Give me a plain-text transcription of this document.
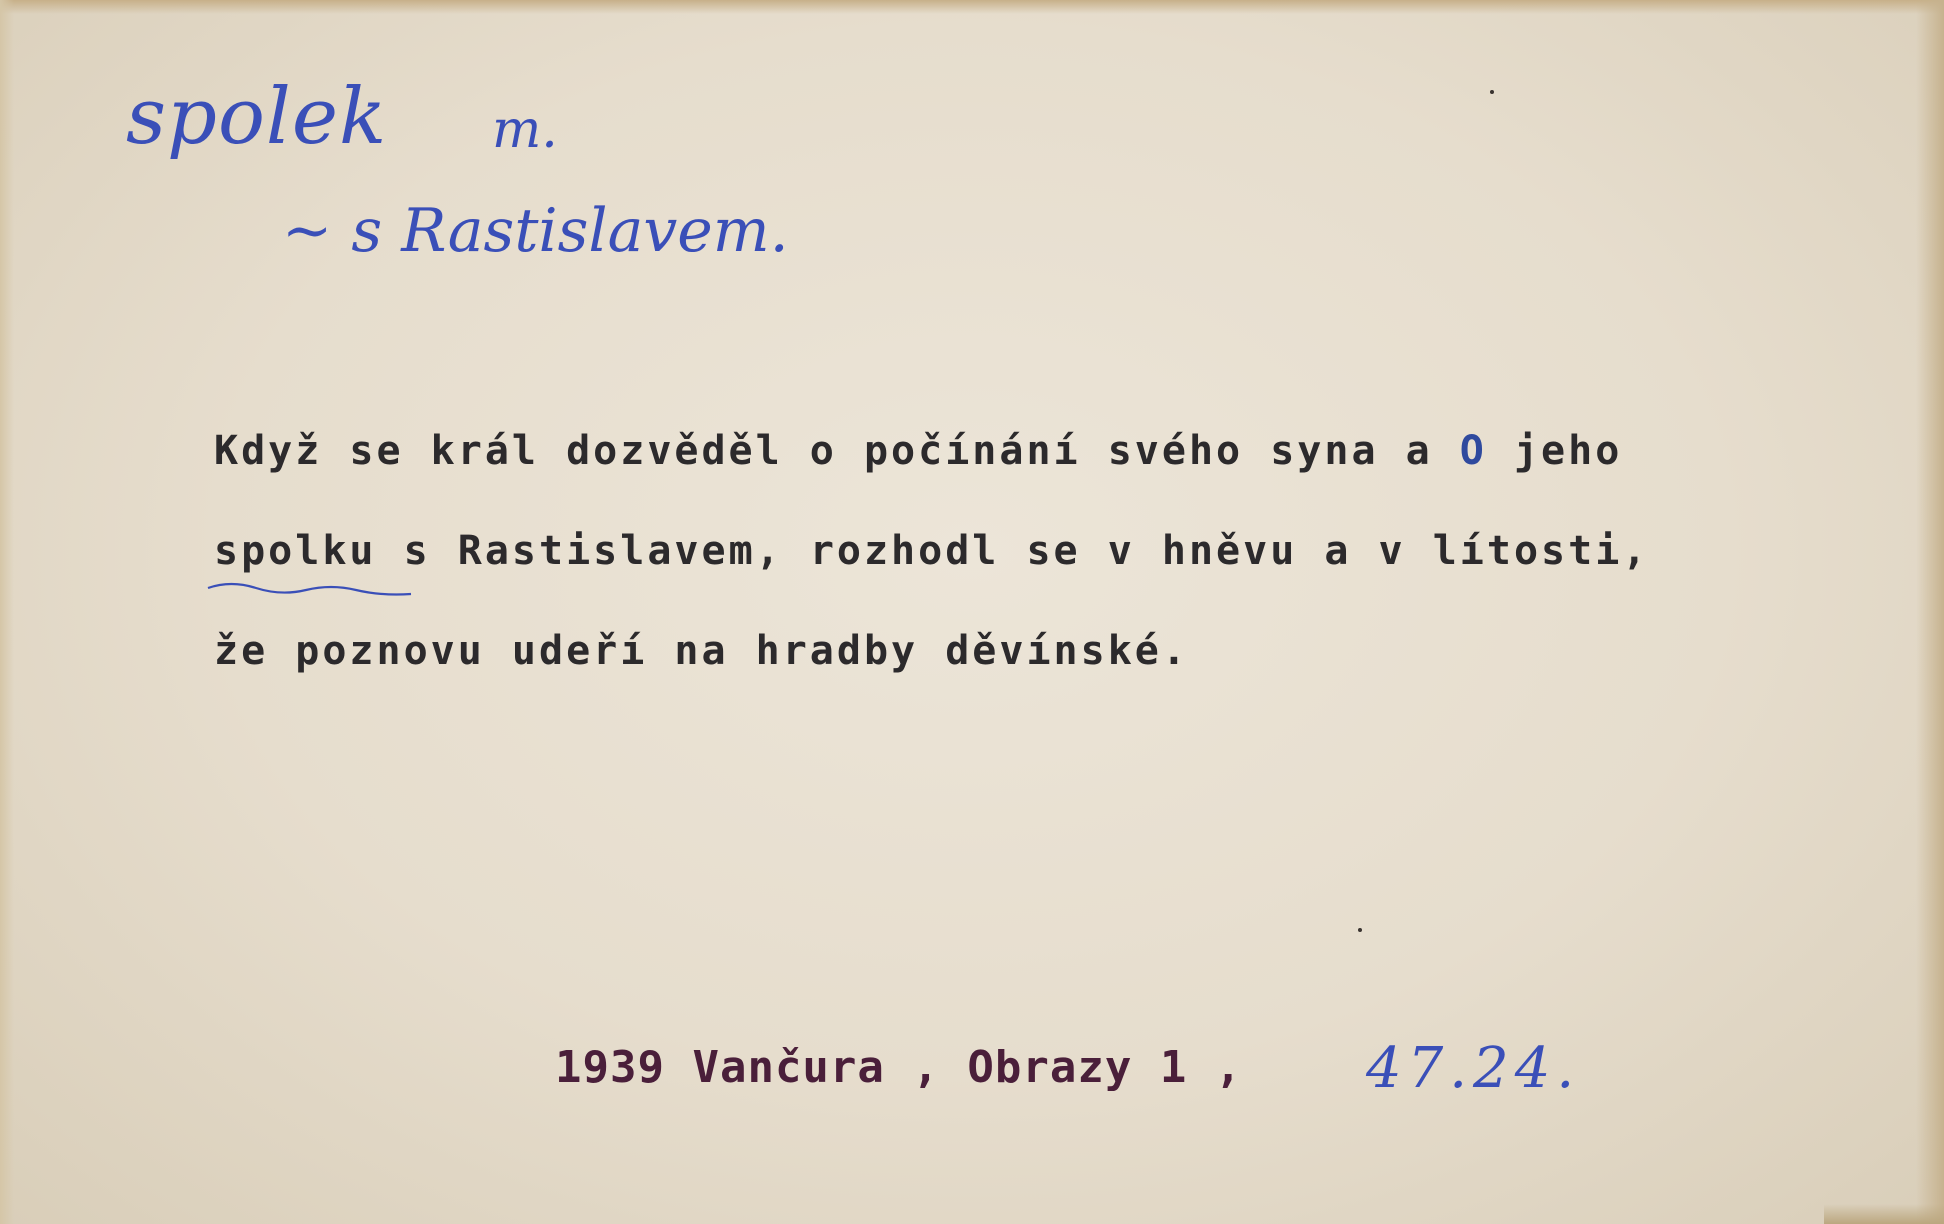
spolek m.
~ s Rastislavem.
Když se král dozvěděl o počínání svého syna a O jeho
spolku s Rastislavem, rozhodl se v hněvu a v lítosti,
že poznovu udeří na hradby děvínské.
1939 Vančura , Obrazy 1 , 47.24.
